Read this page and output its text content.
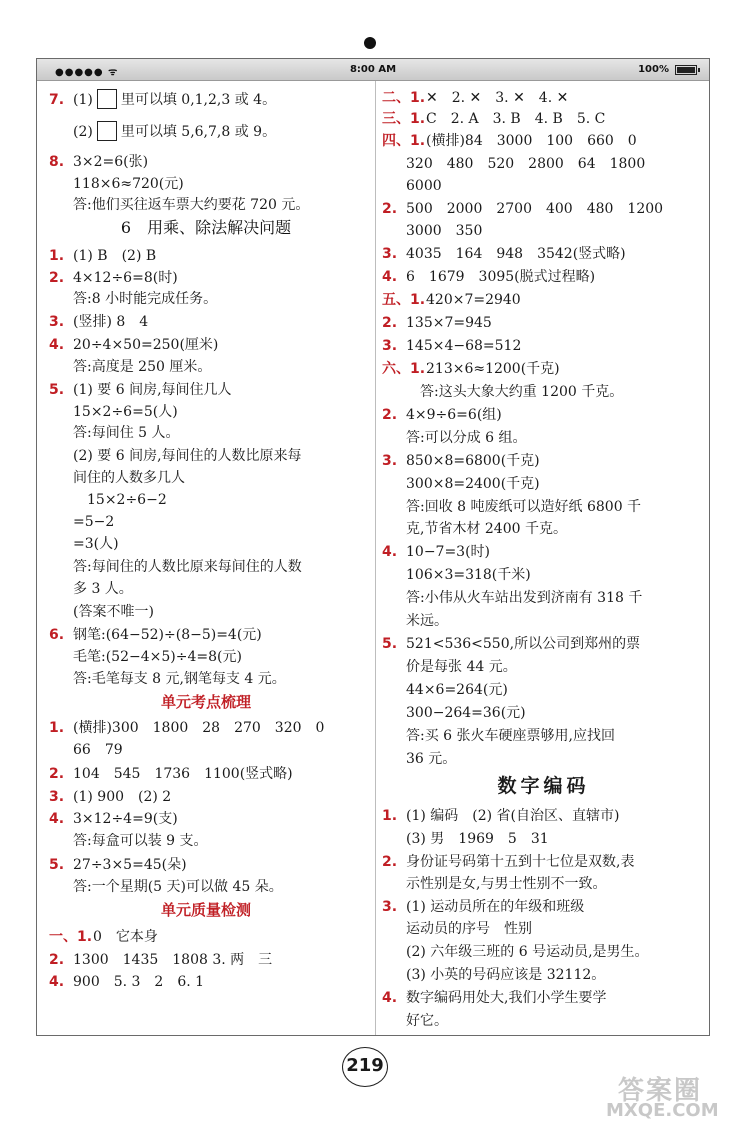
●●●●● ᯤ	8:00 AM	100%
7. (1) 里可以填 0,1,2,3 或 4。
(2) 里可以填 5,6,7,8 或 9。
8. 3×2=6(张)
118×6≈720(元)
答:他们买往返车票大约要花 720 元。
6　用乘、除法解决问题
1. (1) B　(2) B
2. 4×12÷6=8(时)
答:8 小时能完成任务。
3. (竖排) 8　4
4. 20÷4×50=250(厘米)
答:高度是 250 厘米。
5. (1) 要 6 间房,每间住几人
15×2÷6=5(人)
答:每间住 5 人。
(2) 要 6 间房,每间住的人数比原来每
间住的人数多几人
　15×2÷6−2
=5−2
=3(人)
答:每间住的人数比原来每间住的人数
多 3 人。
(答案不唯一)
6. 钢笔:(64−52)÷(8−5)=4(元)
毛笔:(52−4×5)÷4=8(元)
答:毛笔每支 8 元,钢笔每支 4 元。
单元考点梳理
1. (横排)300　1800　28　270　320　0
66　79
2. 104　545　1736　1100(竖式略)
3. (1) 900　(2) 2
4. 3×12÷4=9(支)
答:每盒可以装 9 支。
5. 27÷3×5=45(朵)
答:一个星期(5 天)可以做 45 朵。
单元质量检测
一、1. 0　它本身
2. 1300　1435　1808 3. 两　三
4. 900　5. 3　2　6. 1
二、1. ✕　2. ✕　3. ✕　4. ✕
三、1. C　2. A　3. B　4. B　5. C
四、1. (横排)84　3000　100　660　0
320　480　520　2800　64　1800
6000
2. 500　2000　2700　400　480　1200
3000　350
3. 4035　164　948　3542(竖式略)
4. 6　1679　3095(脱式过程略)
五、1. 420×7=2940
2. 135×7=945
3. 145×4−68=512
六、1. 213×6≈1200(千克)
　答:这头大象大约重 1200 千克。
2. 4×9÷6=6(组)
答:可以分成 6 组。
3. 850×8=6800(千克)
300×8=2400(千克)
答:回收 8 吨废纸可以造好纸 6800 千
克,节省木材 2400 千克。
4. 10−7=3(时)
106×3=318(千米)
答:小伟从火车站出发到济南有 318 千
米远。
5. 521<536<550,所以公司到郑州的票
价是每张 44 元。
44×6=264(元)
300−264=36(元)
答:买 6 张火车硬座票够用,应找回
36 元。
数字编码
1. (1) 编码　(2) 省(自治区、直辖市)
(3) 男　1969　5　31
2. 身份证号码第十五到十七位是双数,表
示性别是女,与男士性别不一致。
3. (1) 运动员所在的年级和班级
运动员的序号　性别
(2) 六年级三班的 6 号运动员,是男生。
(3) 小英的号码应该是 32112。
4. 数字编码用处大,我们小学生要学
好它。
219
答案圈
MXQE.COM
